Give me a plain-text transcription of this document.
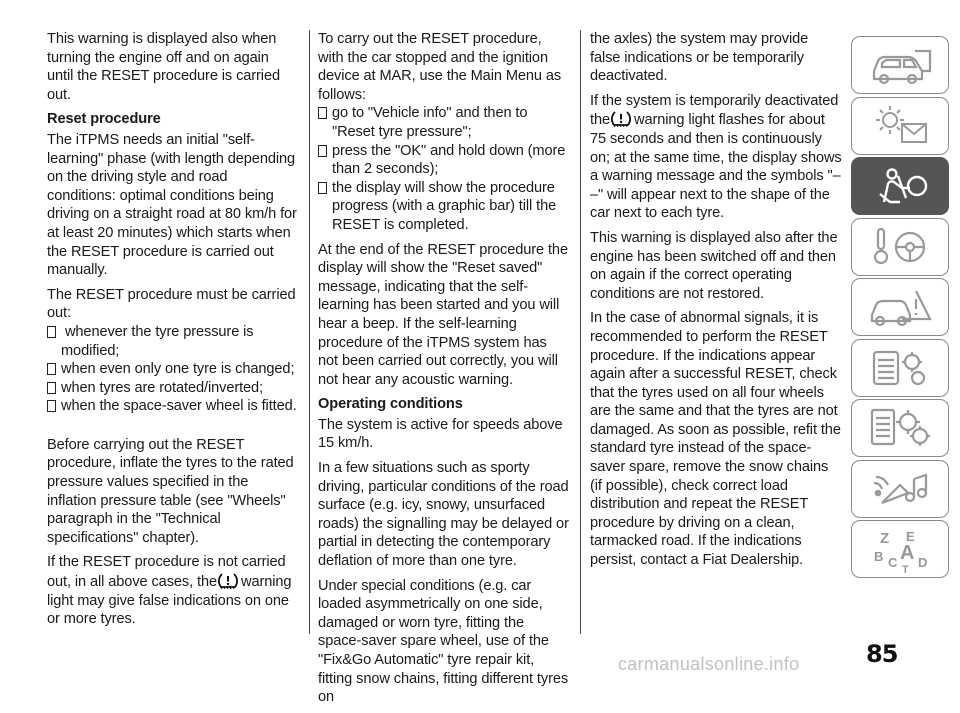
This warning is displayed also when turning the engine off and on again until the RESET procedure is carried out.

Reset procedure

The iTPMS needs an initial "self-learning" phase (with length depending on the driving style and road conditions: optimal conditions being driving on a straight road at 80 km/h for at least 20 minutes) which starts when the RESET procedure is carried out manually.

The RESET procedure must be carried out:

whenever the tyre pressure is modified;
when even only one tyre is changed;
when tyres are rotated/inverted;
when the space-saver wheel is fitted.

Before carrying out the RESET procedure, inflate the tyres to the rated pressure values specified in the inflation pressure table (see "Wheels" paragraph in the "Technical specifications" chapter).

If the RESET procedure is not carried out, in all above cases, the warning light may give false indications on one or more tyres.

To carry out the RESET procedure, with the car stopped and the ignition device at MAR, use the Main Menu as follows:

go to "Vehicle info" and then to "Reset tyre pressure";
press the "OK" and hold down (more than 2 seconds);
the display will show the procedure progress (with a graphic bar) till the RESET is completed.

At the end of the RESET procedure the display will show the "Reset saved" message, indicating that the self-learning has been started and you will hear a beep. If the self-learning procedure of the iTPMS system has not been carried out correctly, you will not hear any acoustic warning.

Operating conditions

The system is active for speeds above 15 km/h.

In a few situations such as sporty driving, particular conditions of the road surface (e.g. icy, snowy, unsurfaced roads) the signalling may be delayed or partial in detecting the contemporary deflation of more than one tyre.

Under special conditions (e.g. car loaded asymmetrically on one side, damaged or worn tyre, fitting the space-saver spare wheel, use of the "Fix&Go Automatic" tyre repair kit, fitting snow chains, fitting different tyres on

the axles) the system may provide false indications or be temporarily deactivated.

If the system is temporarily deactivated the warning light flashes for about 75 seconds and then is continuously on; at the same time, the display shows a warning message and the symbols "– –" will appear next to the shape of the car next to each tyre.

This warning is displayed also after the engine has been switched off and then on again if the correct operating conditions are not restored.

In the case of abnormal signals, it is recommended to perform the RESET procedure. If the indications appear again after a successful RESET, check that the tyres used on all four wheels are the same and that the tyres are not damaged. As soon as possible, refit the standard tyre instead of the space-saver spare, remove the snow chains (if possible), check correct load distribution and repeat the RESET procedure by driving on a clean, tarmacked road. If the indications persist, contact a Fiat Dealership.

Z E
B A
C D
T
85
carmanualsonline.info
